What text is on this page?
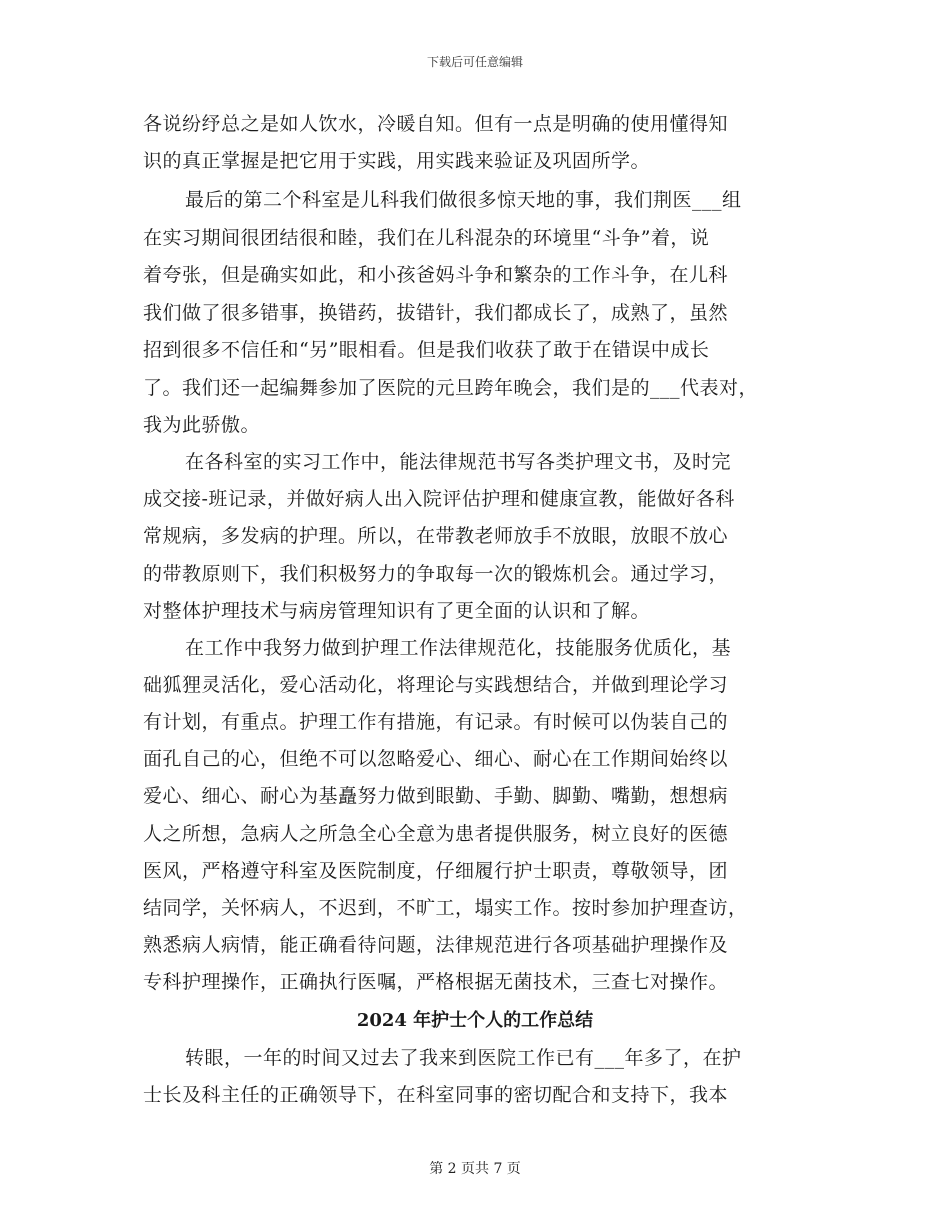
下载后可任意编辑
各说纷纾总之是如人饮水，冷暖自知。但有一点是明确的使用懂得知
识的真正掌握是把它用于实践，用实践来验证及巩固所学。
最后的第二个科室是儿科我们做很多惊天地的事，我们荆医___组
在实习期间很团结很和睦，我们在儿科混杂的环境里“斗争”着，说
着夸张，但是确实如此，和小孩爸妈斗争和繁杂的工作斗争，在儿科
我们做了很多错事，换错药，拔错针，我们都成长了，成熟了，虽然
招到很多不信任和“另”眼相看。但是我们收获了敢于在错误中成长
了。我们还一起编舞参加了医院的元旦跨年晚会，我们是的___代表对，
我为此骄傲。
在各科室的实习工作中，能法律规范书写各类护理文书，及时完
成交接-班记录，并做好病人出入院评估护理和健康宣教，能做好各科
常规病，多发病的护理。所以，在带教老师放手不放眼，放眼不放心
的带教原则下，我们积极努力的争取每一次的锻炼机会。通过学习，
对整体护理技术与病房管理知识有了更全面的认识和了解。
在工作中我努力做到护理工作法律规范化，技能服务优质化，基
础狐狸灵活化，爱心活动化，将理论与实践想结合，并做到理论学习
有计划，有重点。护理工作有措施，有记录。有时候可以伪装自己的
面孔自己的心，但绝不可以忽略爱心、细心、耐心在工作期间始终以
爱心、细心、耐心为基矗努力做到眼勤、手勤、脚勤、嘴勤，想想病
人之所想，急病人之所急全心全意为患者提供服务，树立良好的医德
医风，严格遵守科室及医院制度，仔细履行护士职责，尊敬领导，团
结同学，关怀病人，不迟到，不旷工，塌实工作。按时参加护理查访，
熟悉病人病情，能正确看待问题，法律规范进行各项基础护理操作及
专科护理操作，正确执行医嘱，严格根据无菌技术，三查七对操作。
2024 年护士个人的工作总结
转眼，一年的时间又过去了我来到医院工作已有___年多了，在护
士长及科主任的正确领导下，在科室同事的密切配合和支持下，我本
第 2 页共 7 页
